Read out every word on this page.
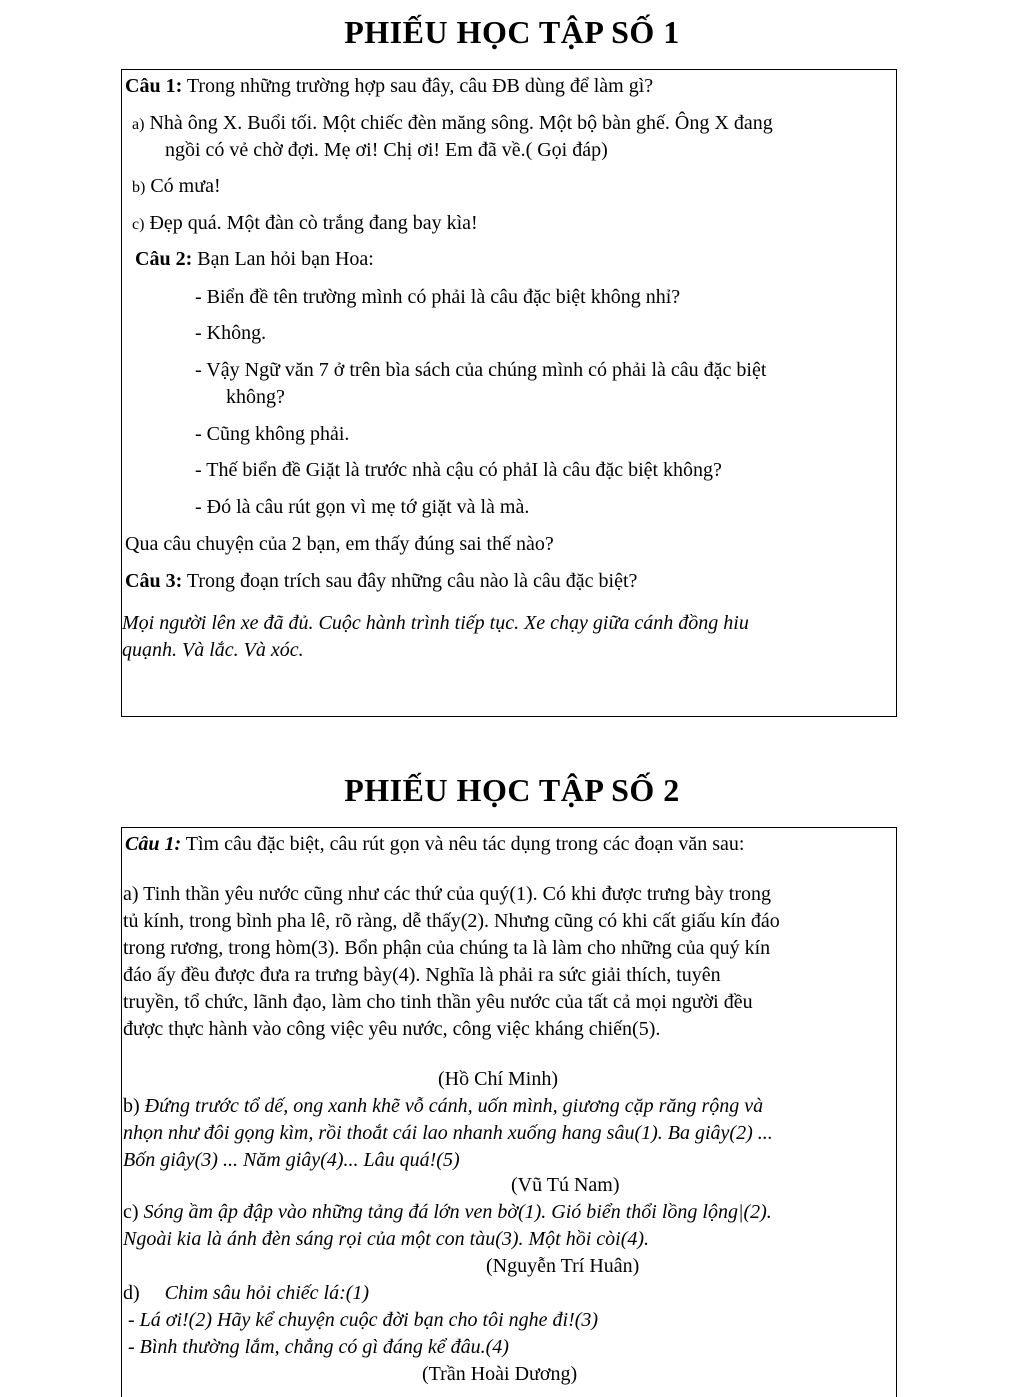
PHIẾU HỌC TẬP SỐ 1
Câu 1: Trong những trường hợp sau đây, câu ĐB dùng để làm gì?
a) Nhà ông X. Buổi tối. Một chiếc đèn măng sông. Một bộ bàn ghế. Ông X đang
ngồi có vẻ chờ đợi. Mẹ ơi! Chị ơi! Em đã về.( Gọi đáp)
b) Có mưa!
c) Đẹp quá. Một đàn cò trắng đang bay kìa!
Câu 2: Bạn Lan hỏi bạn Hoa:
- Biển đề tên trường mình có phải là câu đặc biệt không nhỉ?
- Không.
- Vậy Ngữ văn 7 ở trên bìa sách của chúng mình có phải là câu đặc biệt
không?
- Cũng không phải.
- Thế biển đề Giặt là trước nhà cậu có phảI là câu đặc biệt không?
- Đó là câu rút gọn vì mẹ tớ giặt và là mà.
Qua câu chuyện của 2 bạn, em thấy đúng sai thế nào?
Câu 3: Trong đoạn trích sau đây những câu nào là câu đặc biệt?
Mọi người lên xe đã đủ. Cuộc hành trình tiếp tục. Xe chạy giữa cánh đồng hiu
quạnh. Và lắc. Và xóc.
PHIẾU HỌC TẬP SỐ 2
Câu 1: Tìm câu đặc biệt, câu rút gọn và nêu tác dụng trong các đoạn văn sau:
a) Tinh thần yêu nước cũng như các thứ của quý(1). Có khi được trưng bày trong
tủ kính, trong bình pha lê, rõ ràng, dễ thấy(2). Nhưng cũng có khi cất giấu kín đáo
trong rương, trong hòm(3). Bổn phận của chúng ta là làm cho những của quý kín
đáo ấy đều được đưa ra trưng bày(4). Nghĩa là phải ra sức giải thích, tuyên
truyền, tổ chức, lãnh đạo, làm cho tinh thần yêu nước của tất cả mọi người đều
được thực hành vào công việc yêu nước, công việc kháng chiến(5).
(Hồ Chí Minh)
b) Đứng trước tổ dế, ong xanh khẽ vỗ cánh, uốn mình, giương cặp răng rộng và
nhọn như đôi gọng kìm, rồi thoắt cái lao nhanh xuống hang sâu(1). Ba giây(2) ...
Bốn giây(3) ... Năm giây(4)... Lâu quá!(5)
(Vũ Tú Nam)
c) Sóng ầm ập đập vào những tảng đá lớn ven bờ(1). Gió biển thổi lồng lộng|(2).
Ngoài kia là ánh đèn sáng rọi của một con tàu(3). Một hồi còi(4).
(Nguyễn Trí Huân)
d) Chim sâu hỏi chiếc lá:(1)
- Lá ơi!(2) Hãy kể chuyện cuộc đời bạn cho tôi nghe đi!(3)
- Bình thường lắm, chẳng có gì đáng kể đâu.(4)
(Trần Hoài Dương)
